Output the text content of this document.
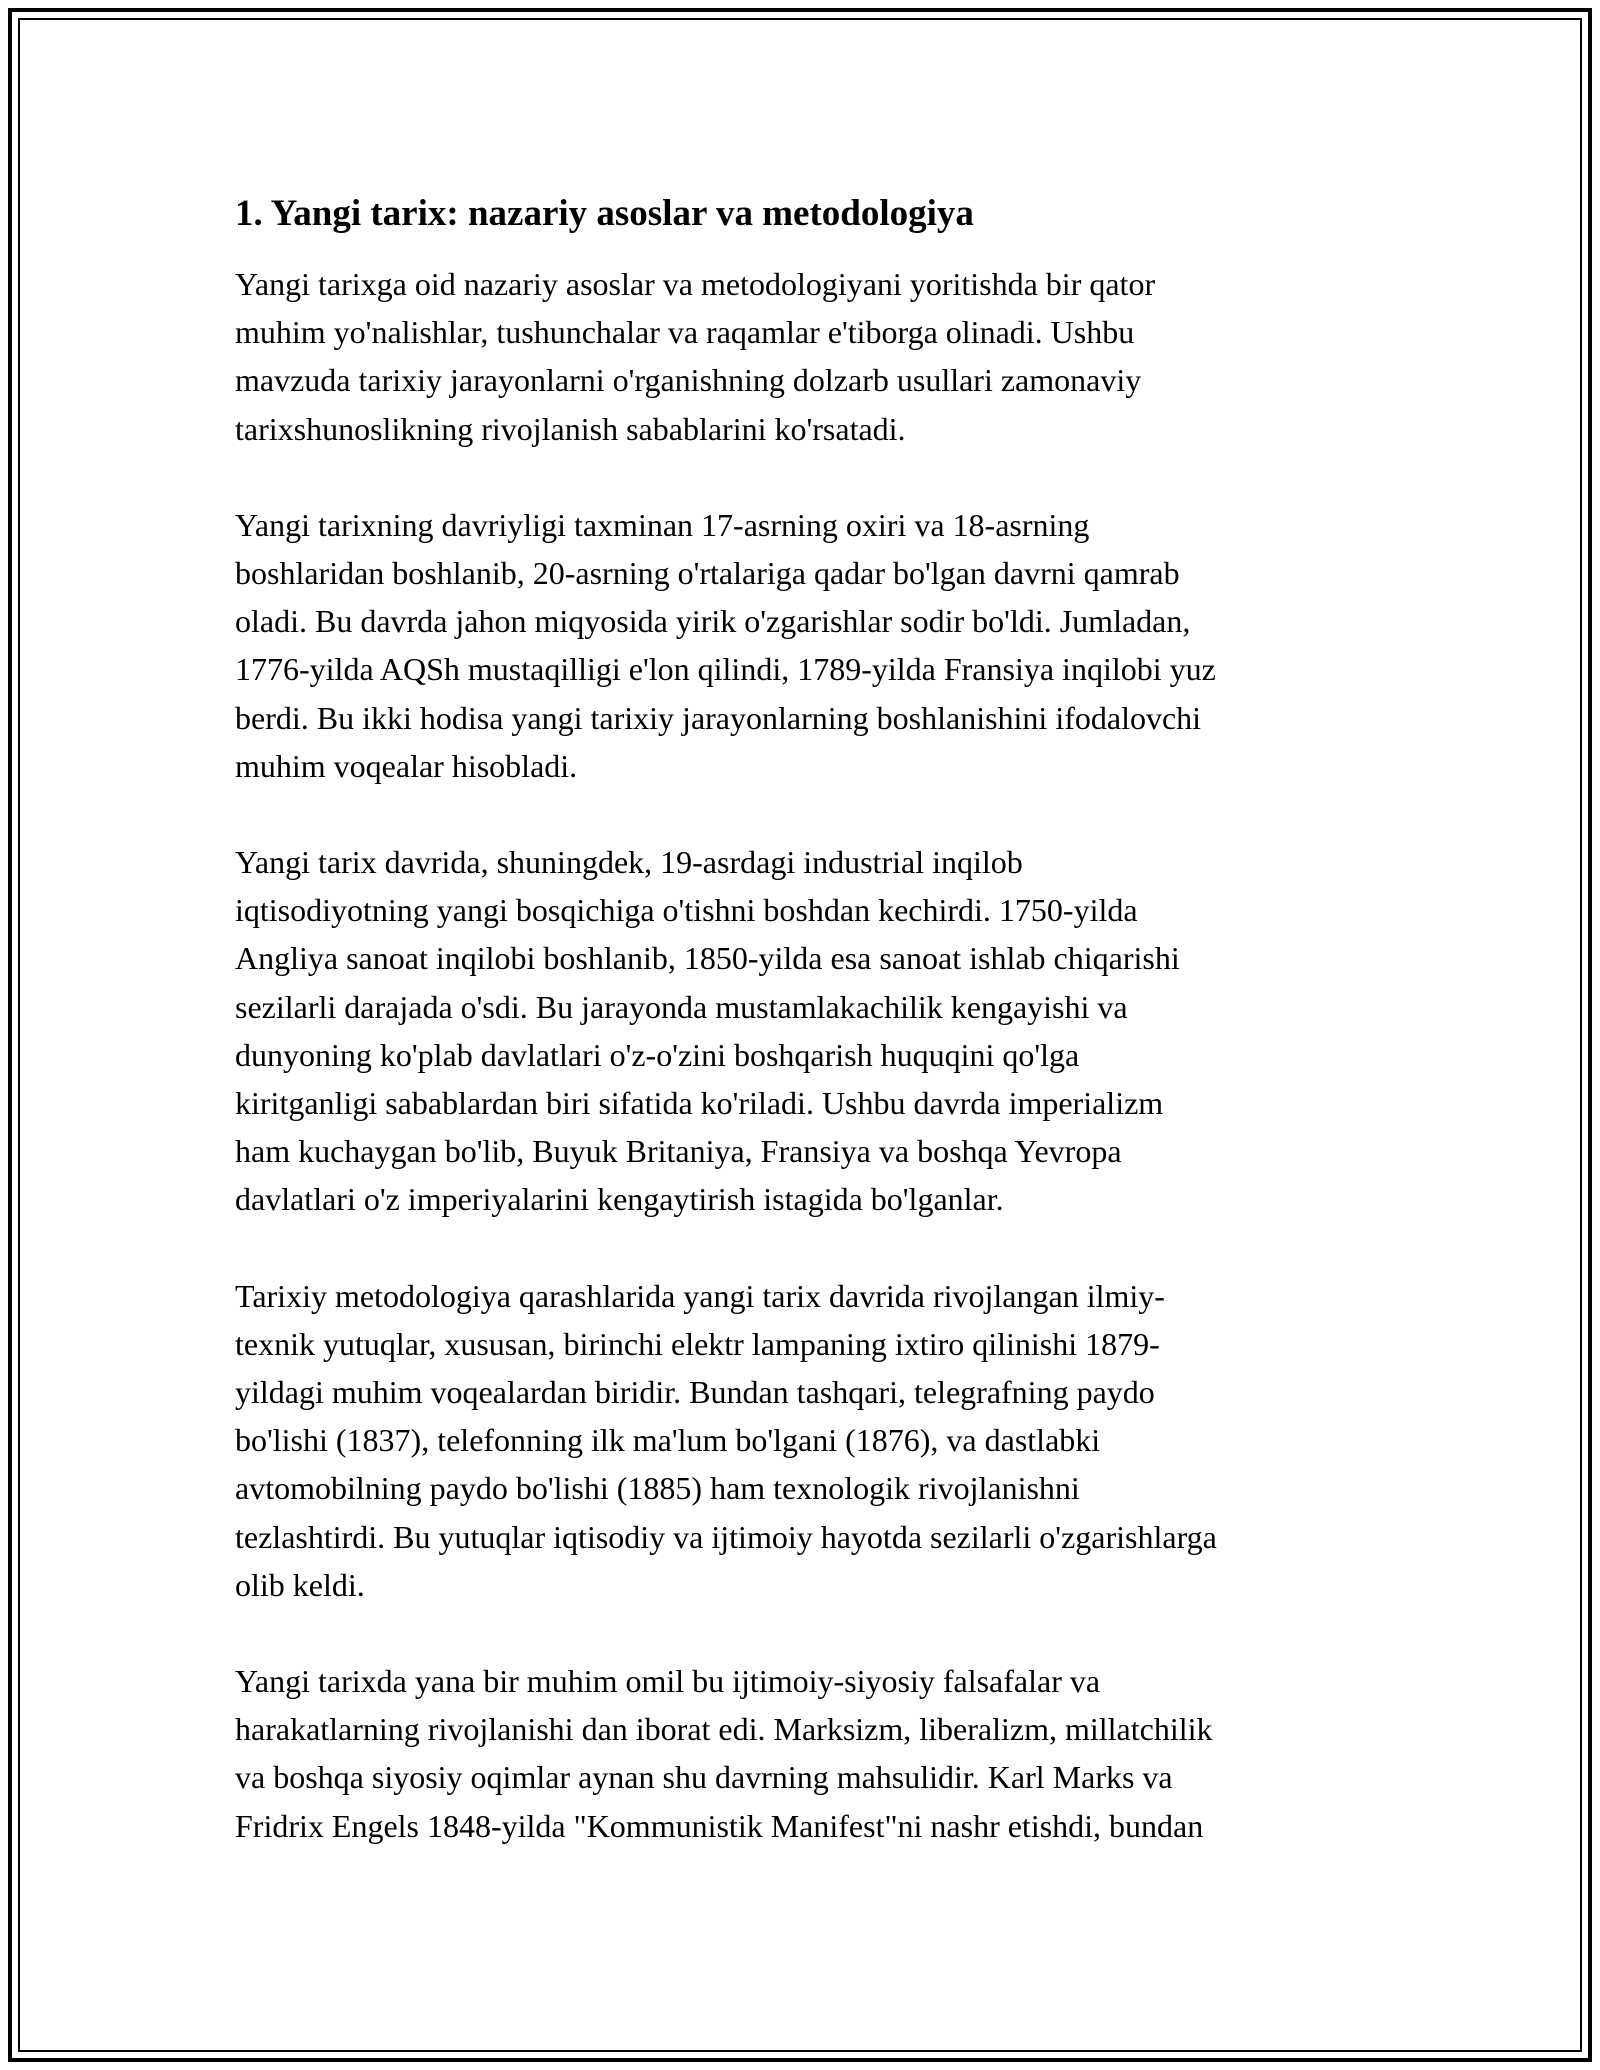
1. Yangi tarix: nazariy asoslar va metodologiya

Yangi tarixga oid nazariy asoslar va metodologiyani yoritishda bir qator
muhim yo'nalishlar, tushunchalar va raqamlar e'tiborga olinadi. Ushbu
mavzuda tarixiy jarayonlarni o'rganishning dolzarb usullari zamonaviy
tarixshunoslikning rivojlanish sabablarini ko'rsatadi.

Yangi tarixning davriyligi taxminan 17-asrning oxiri va 18-asrning
boshlaridan boshlanib, 20-asrning o'rtalariga qadar bo'lgan davrni qamrab
oladi. Bu davrda jahon miqyosida yirik o'zgarishlar sodir bo'ldi. Jumladan,
1776-yilda AQSh mustaqilligi e'lon qilindi, 1789-yilda Fransiya inqilobi yuz
berdi. Bu ikki hodisa yangi tarixiy jarayonlarning boshlanishini ifodalovchi
muhim voqealar hisobladi.

Yangi tarix davrida, shuningdek, 19-asrdagi industrial inqilob
iqtisodiyotning yangi bosqichiga o'tishni boshdan kechirdi. 1750-yilda
Angliya sanoat inqilobi boshlanib, 1850-yilda esa sanoat ishlab chiqarishi
sezilarli darajada o'sdi. Bu jarayonda mustamlakachilik kengayishi va
dunyoning ko'plab davlatlari o'z-o'zini boshqarish huquqini qo'lga
kiritganligi sabablardan biri sifatida ko'riladi. Ushbu davrda imperializm
ham kuchaygan bo'lib, Buyuk Britaniya, Fransiya va boshqa Yevropa
davlatlari o'z imperiyalarini kengaytirish istagida bo'lganlar.

Tarixiy metodologiya qarashlarida yangi tarix davrida rivojlangan ilmiy-
texnik yutuqlar, xususan, birinchi elektr lampaning ixtiro qilinishi 1879-
yildagi muhim voqealardan biridir. Bundan tashqari, telegrafning paydo
bo'lishi (1837), telefonning ilk ma'lum bo'lgani (1876), va dastlabki
avtomobilning paydo bo'lishi (1885) ham texnologik rivojlanishni
tezlashtirdi. Bu yutuqlar iqtisodiy va ijtimoiy hayotda sezilarli o'zgarishlarga
olib keldi.

Yangi tarixda yana bir muhim omil bu ijtimoiy-siyosiy falsafalar va
harakatlarning rivojlanishi dan iborat edi. Marksizm, liberalizm, millatchilik
va boshqa siyosiy oqimlar aynan shu davrning mahsulidir. Karl Marks va
Fridrix Engels 1848-yilda "Kommunistik Manifest"ni nashr etishdi, bundan
